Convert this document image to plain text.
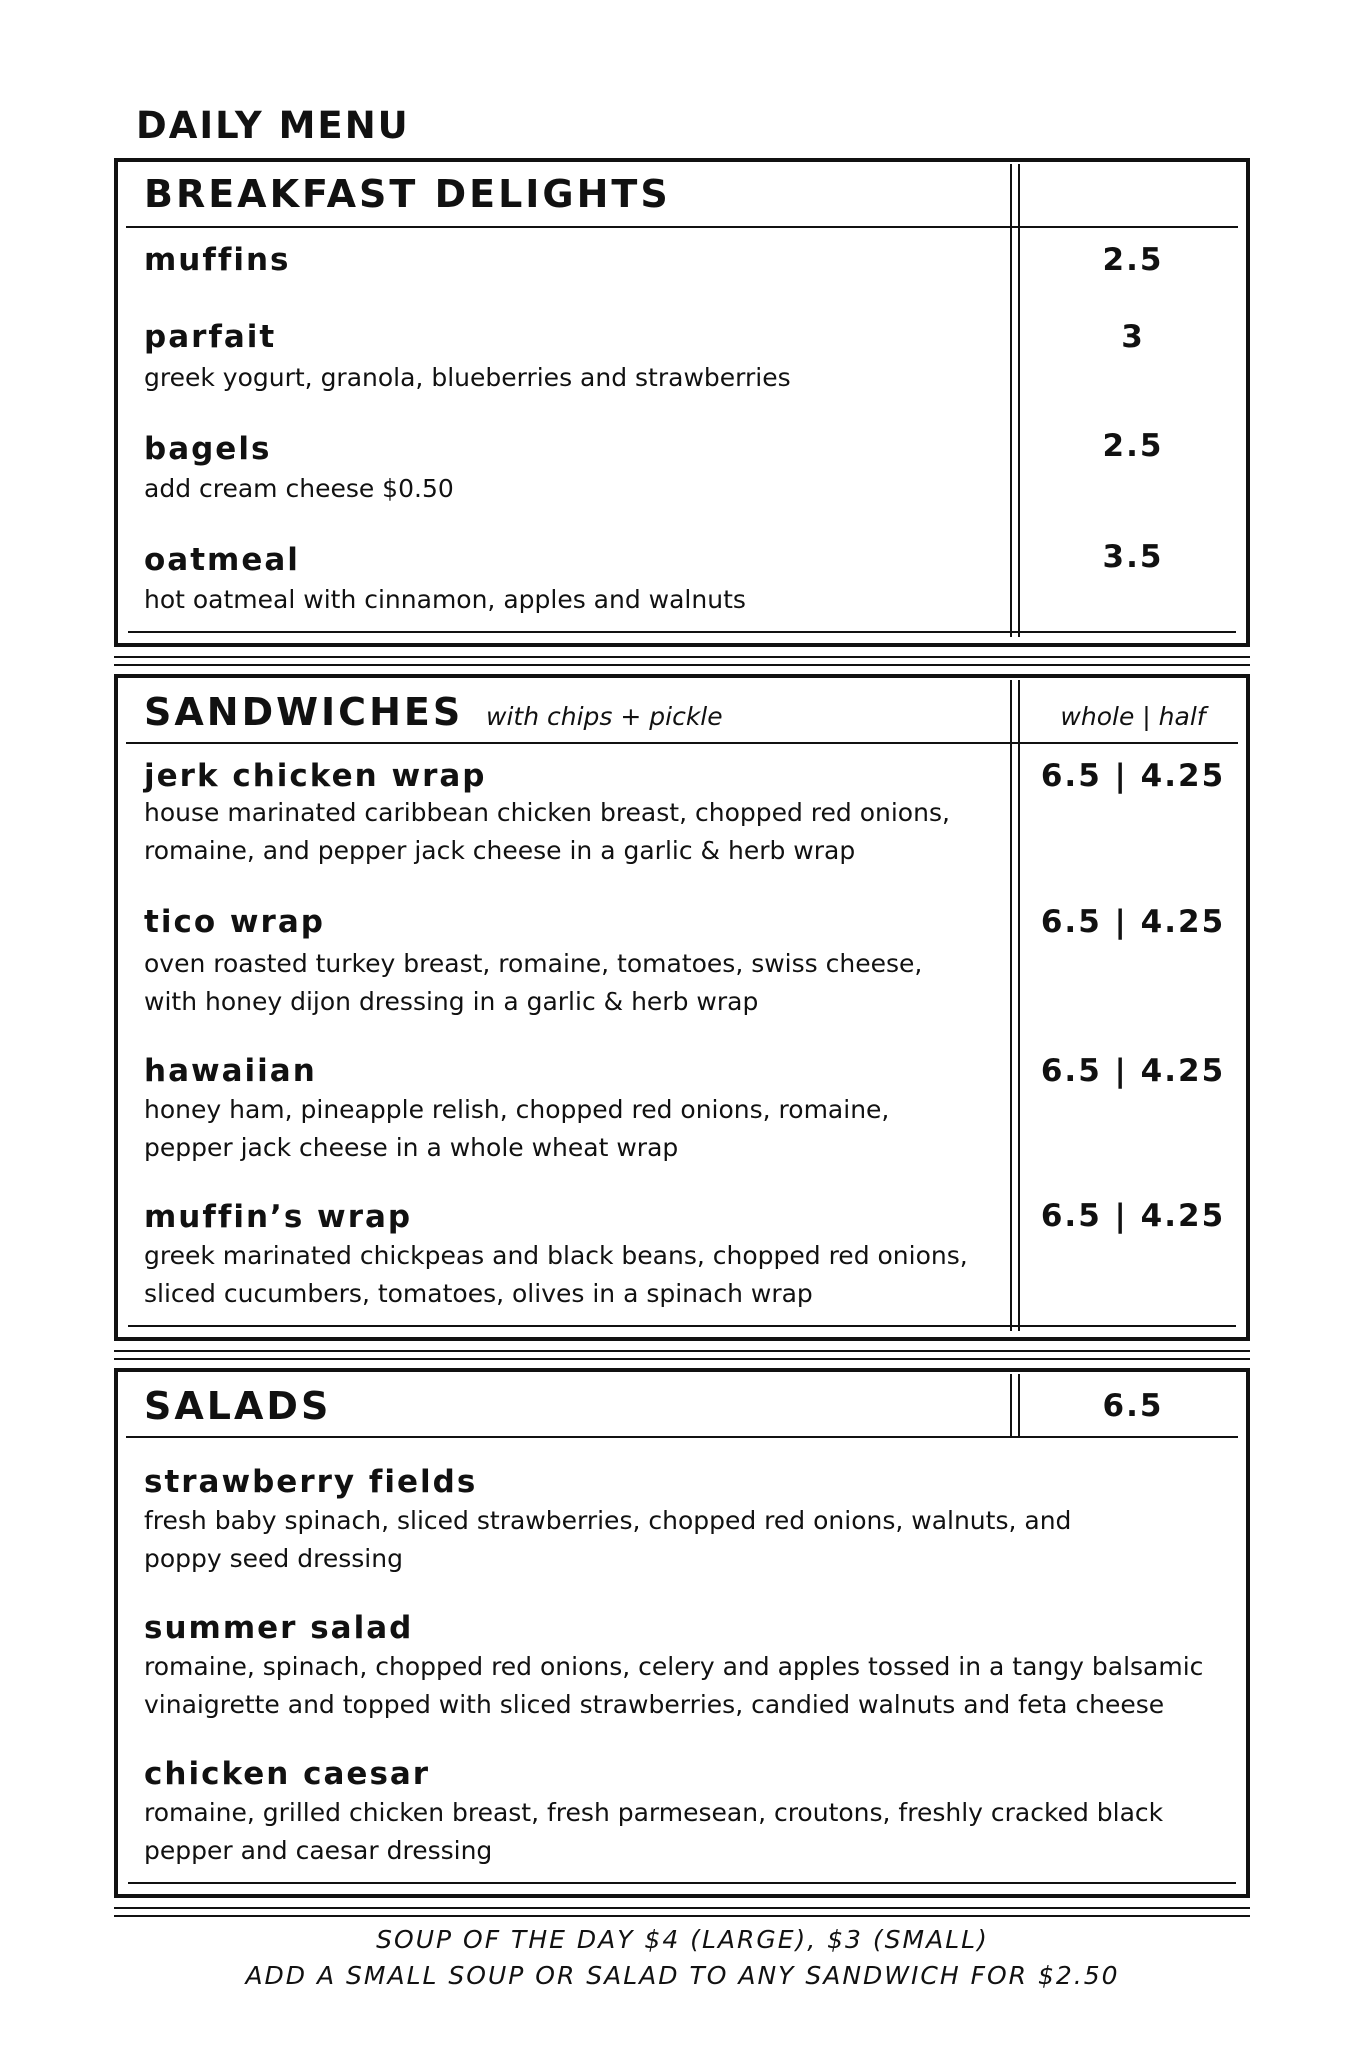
DAILY MENU
BREAKFAST DELIGHTS
muffins	2.5
parfait	3
greek yogurt, granola, blueberries and strawberries
bagels	2.5
add cream cheese $0.50
oatmeal	3.5
hot oatmeal with cinnamon, apples and walnuts
SANDWICHES with chips + pickle	whole | half
jerk chicken wrap	6.5 | 4.25
house marinated caribbean chicken breast, chopped red onions,
romaine, and pepper jack cheese in a garlic & herb wrap
tico wrap	6.5 | 4.25
oven roasted turkey breast, romaine, tomatoes, swiss cheese,
with honey dijon dressing in a garlic & herb wrap
hawaiian	6.5 | 4.25
honey ham, pineapple relish, chopped red onions, romaine,
pepper jack cheese in a whole wheat wrap
muffin’s wrap	6.5 | 4.25
greek marinated chickpeas and black beans, chopped red onions,
sliced cucumbers, tomatoes, olives in a spinach wrap
SALADS	6.5
strawberry fields
fresh baby spinach, sliced strawberries, chopped red onions, walnuts, and
poppy seed dressing
summer salad
romaine, spinach, chopped red onions, celery and apples tossed in a tangy balsamic
vinaigrette and topped with sliced strawberries, candied walnuts and feta cheese
chicken caesar
romaine, grilled chicken breast, fresh parmesean, croutons, freshly cracked black
pepper and caesar dressing
SOUP OF THE DAY $4 (LARGE), $3 (SMALL)
ADD A SMALL SOUP OR SALAD TO ANY SANDWICH FOR $2.50
